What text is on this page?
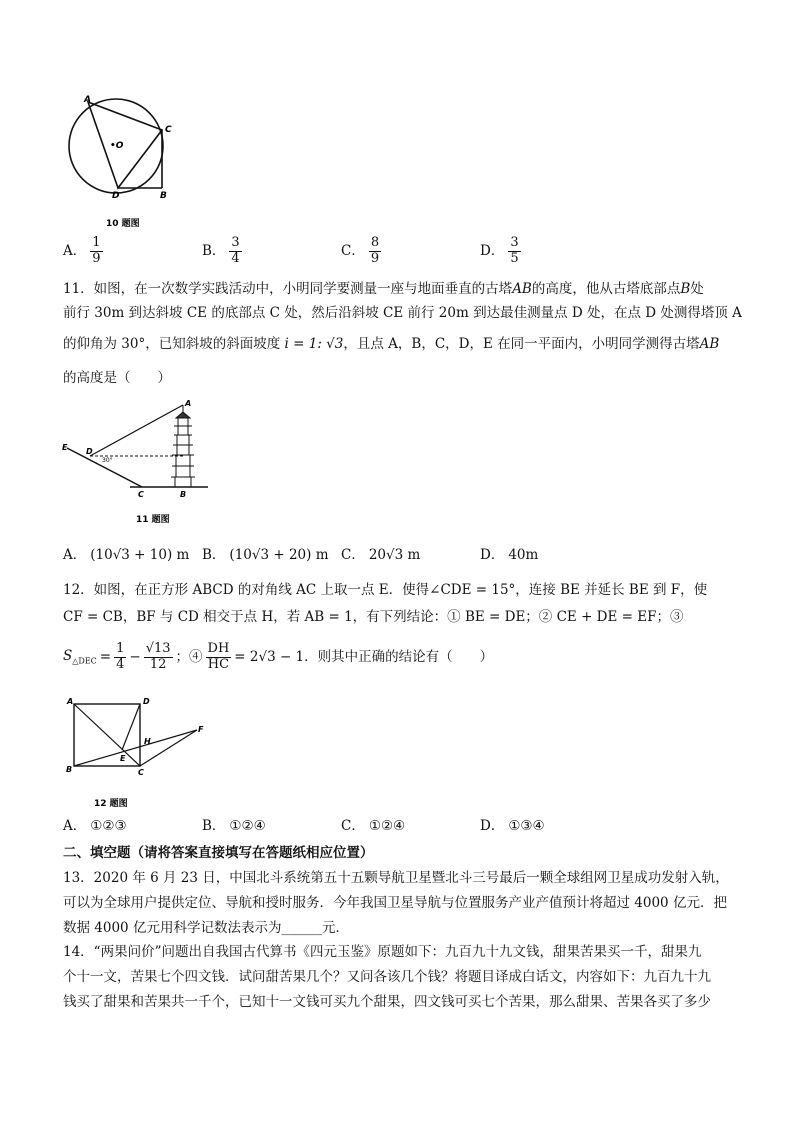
A
•O
C
D	B
10 题图
A． $\frac{1}{9}$	B． $\frac{3}{4}$	C． $\frac{8}{9}$	D． $\frac{3}{5}$
11．如图，在一次数学实践活动中，小明同学要测量一座与地面垂直的古塔AB的高度，他从古塔底部点B处
前行 30m 到达斜坡 CE 的底部点 C 处，然后沿斜坡 CE 前行 20m 到达最佳测量点 D 处，在点 D 处测得塔顶 A
的仰角为 30°，已知斜坡的斜面坡度 i = 1: √3，且点 A，B，C，D，E 在同一平面内，小明同学测得古塔AB
的高度是（　　）
A
E D
30°
C	B
11 题图
A． (10√3 + 10) m B． (10√3 + 20) m C． 20√3 m	D． 40m
12．如图，在正方形 ABCD 的对角线 AC 上取一点 E．使得∠CDE = 15°，连接 BE 并延长 BE 到 F，使
CF = CB，BF 与 CD 相交于点 H，若 AB = 1，有下列结论：① BE = DE；② CE + DE = EF；③
$S_{\triangle DEC} = \frac{1}{4} - \frac{√13}{12}$ ；④ $\frac{DH}{HC} = 2√3 - 1$．则其中正确的结论有（　　）
A	D
H
F
E
B	C
12 题图
A． ①②③	B． ①②④	C． ①②④	D． ①③④
二、填空题（请将答案直接填写在答题纸相应位置）
13．2020 年 6 月 23 日，中国北斗系统第五十五颗导航卫星暨北斗三号最后一颗全球组网卫星成功发射入轨，
可以为全球用户提供定位、导航和授时服务．今年我国卫星导航与位置服务产业产值预计将超过 4000 亿元．把
数据 4000 亿元用科学记数法表示为______元．
14．“两果问价”问题出自我国古代算书《四元玉鉴》原题如下：九百九十九文钱，甜果苦果买一千，甜果九
个十一文，苦果七个四文钱．试问甜苦果几个？又问各该几个钱？将题目译成白话文，内容如下：九百九十九
钱买了甜果和苦果共一千个，已知十一文钱可买九个甜果，四文钱可买七个苦果，那么甜果、苦果各买了多少
